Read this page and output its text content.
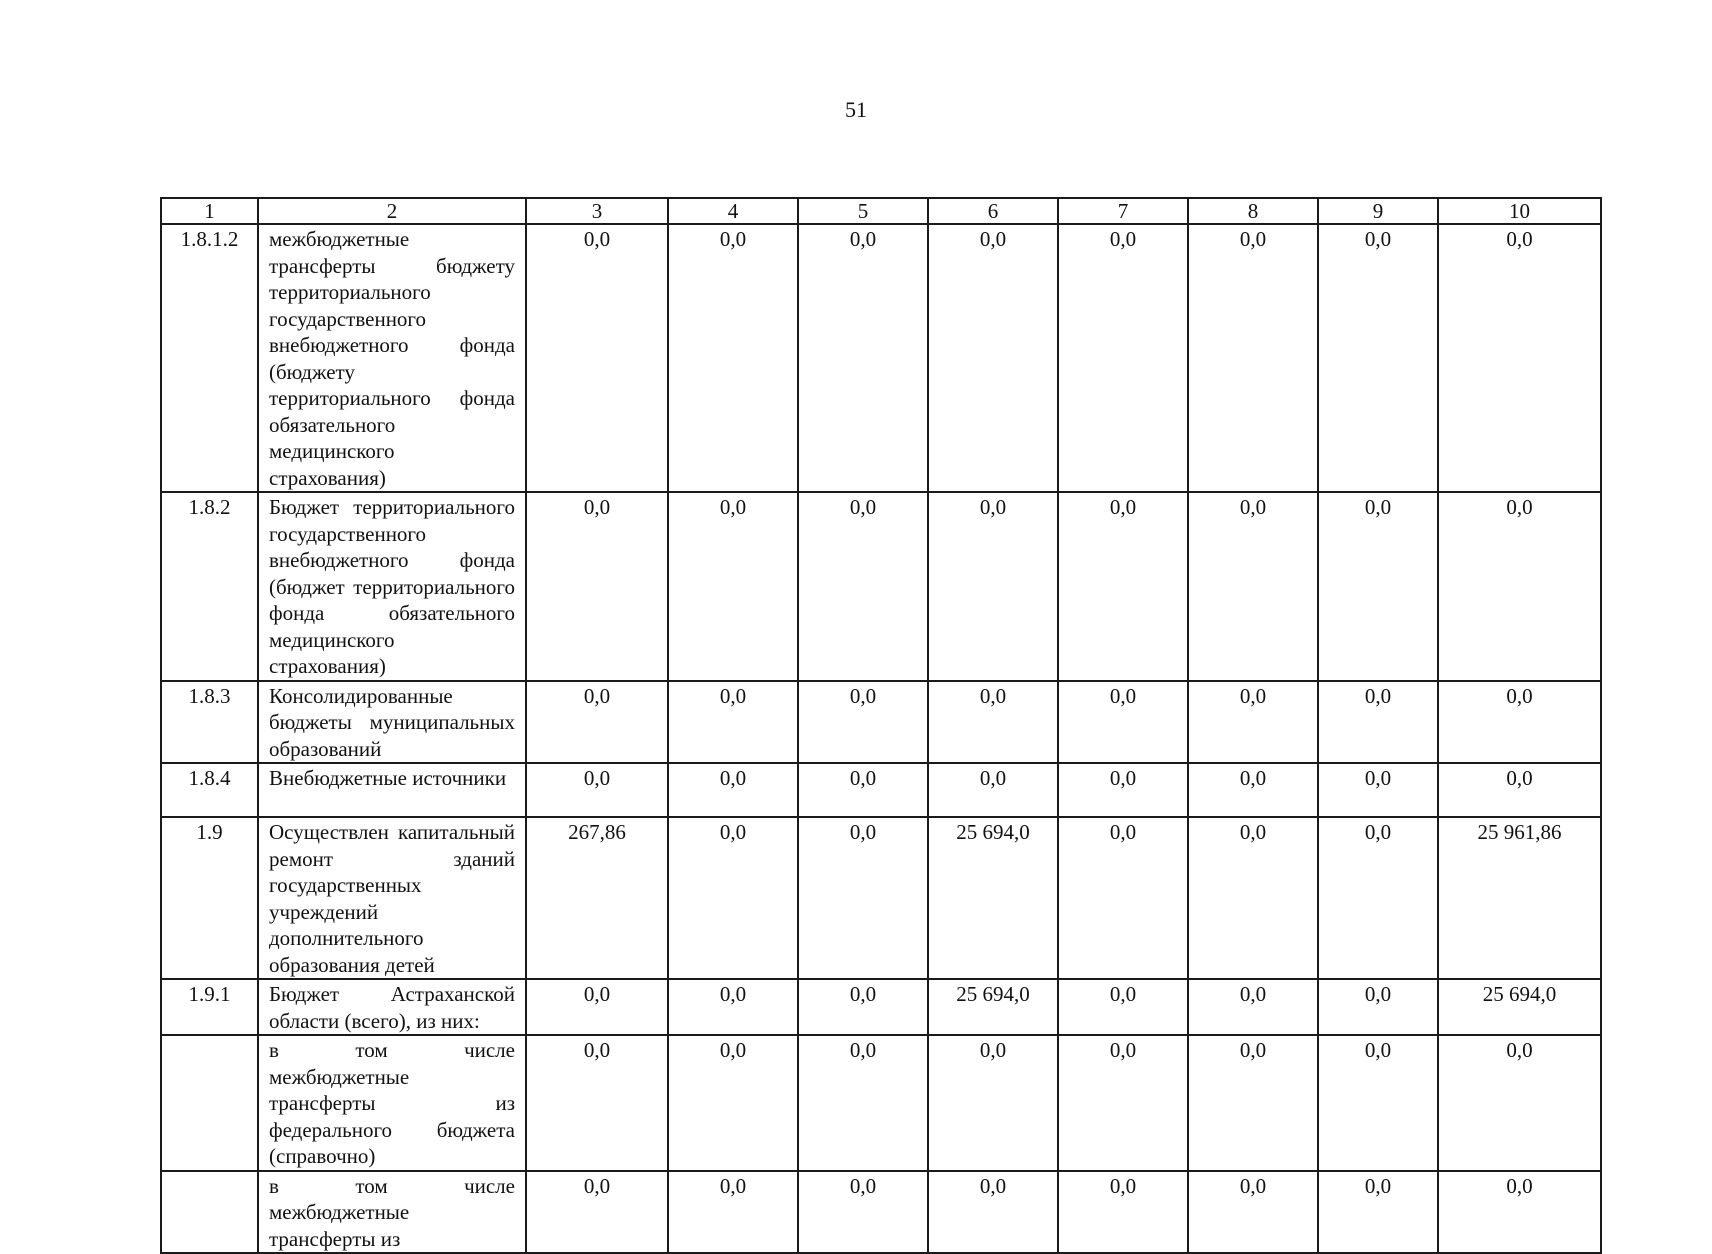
51
1	2	3	4	5	6	7	8	9	10
1.8.1.2	межбюджетные трансферты бюджету территориального государственного внебюджетного фонда (бюджету территориального фонда обязательного медицинского страхования)	0,0	0,0	0,0	0,0	0,0	0,0	0,0	0,0
1.8.2	Бюджет территориального государственного внебюджетного фонда (бюджет территориального фонда обязательного медицинского страхования)	0,0	0,0	0,0	0,0	0,0	0,0	0,0	0,0
1.8.3	Консолидированные бюджеты муниципальных образований	0,0	0,0	0,0	0,0	0,0	0,0	0,0	0,0
1.8.4	Внебюджетные источники	0,0	0,0	0,0	0,0	0,0	0,0	0,0	0,0
1.9	Осуществлен капитальный ремонт зданий государственных учреждений дополнительного образования детей	267,86	0,0	0,0	25 694,0	0,0	0,0	0,0	25 961,86
1.9.1	Бюджет Астраханской области (всего), из них:	0,0	0,0	0,0	25 694,0	0,0	0,0	0,0	25 694,0
	в том числе межбюджетные трансферты из федерального бюджета (справочно)	0,0	0,0	0,0	0,0	0,0	0,0	0,0	0,0
	в том числе межбюджетные трансферты из	0,0	0,0	0,0	0,0	0,0	0,0	0,0	0,0
